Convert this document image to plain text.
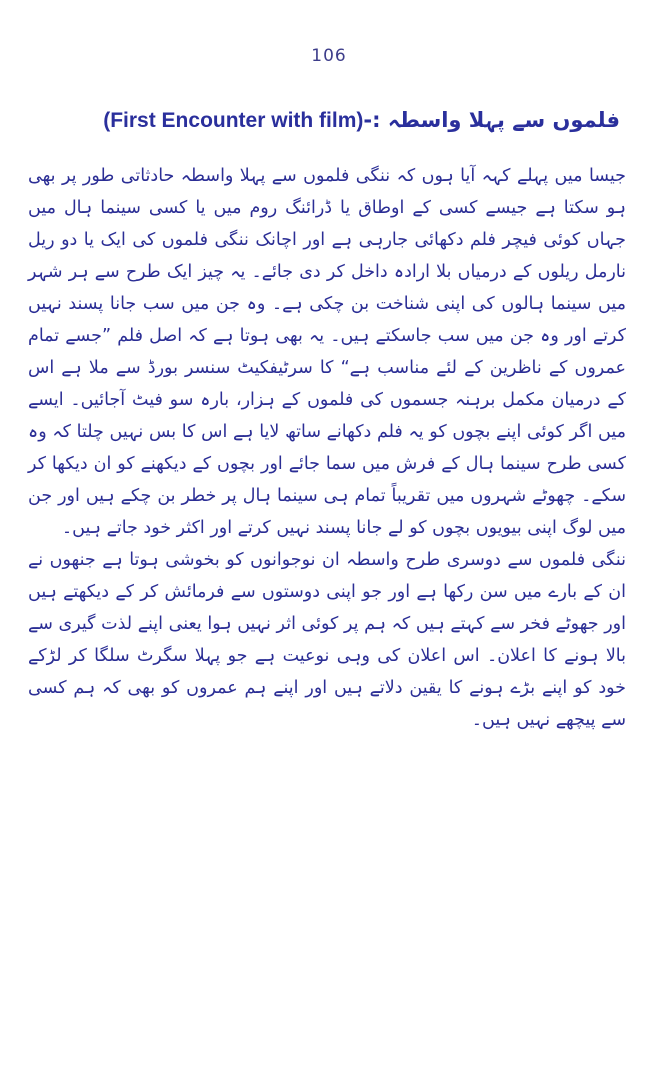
106
فلموں سے پہلا واسطہ :-(First Encounter with film)

جیسا میں پہلے کہہ آیا ہوں کہ ننگی فلموں سے پہلا واسطہ حادثاتی طور پر بھی ہو سکتا ہے جیسے کسی کے اوطاق یا ڈرائنگ روم میں یا کسی سینما ہال میں جہاں کوئی فیچر فلم دکھائی جارہی ہے اور اچانک ننگی فلموں کی ایک یا دو ریل نارمل ریلوں کے درمیاں بلا ارادہ داخل کر دی جائے۔ یہ چیز ایک طرح سے ہر شہر میں سینما ہالوں کی اپنی شناخت بن چکی ہے۔ وہ جن میں سب جانا پسند نہیں کرتے اور وہ جن میں سب جاسکتے ہیں۔ یہ بھی ہوتا ہے کہ اصل فلم ”جسے تمام عمروں کے ناظرین کے لئے مناسب ہے“ کا سرٹیفکیٹ سنسر بورڈ سے ملا ہے اس کے درمیان مکمل برہنہ جسموں کی فلموں کے ہزار، بارہ سو فیٹ آجائیں۔ ایسے میں اگر کوئی اپنے بچوں کو یہ فلم دکھانے ساتھ لایا ہے اس کا بس نہیں چلتا کہ وہ کسی طرح سینما ہال کے فرش میں سما جائے اور بچوں کے دیکھنے کو ان دیکھا کر سکے۔ چھوٹے شہروں میں تقریباً تمام ہی سینما ہال پر خطر بن چکے ہیں اور جن میں لوگ اپنی بیویوں بچوں کو لے جانا پسند نہیں کرتے اور اکثر خود جاتے ہیں۔

ننگی فلموں سے دوسری طرح واسطہ ان نوجوانوں کو بخوشی ہوتا ہے جنھوں نے ان کے بارے میں سن رکھا ہے اور جو اپنی دوستوں سے فرمائش کر کے دیکھتے ہیں اور جھوٹے فخر سے کہتے ہیں کہ ہم پر کوئی اثر نہیں ہوا یعنی اپنے لذت گیری سے بالا ہونے کا اعلان۔ اس اعلان کی وہی نوعیت ہے جو پہلا سگرٹ سلگا کر لڑکے خود کو اپنے بڑے ہونے کا یقین دلاتے ہیں اور اپنے ہم عمروں کو بھی کہ ہم کسی سے پیچھے نہیں ہیں۔
